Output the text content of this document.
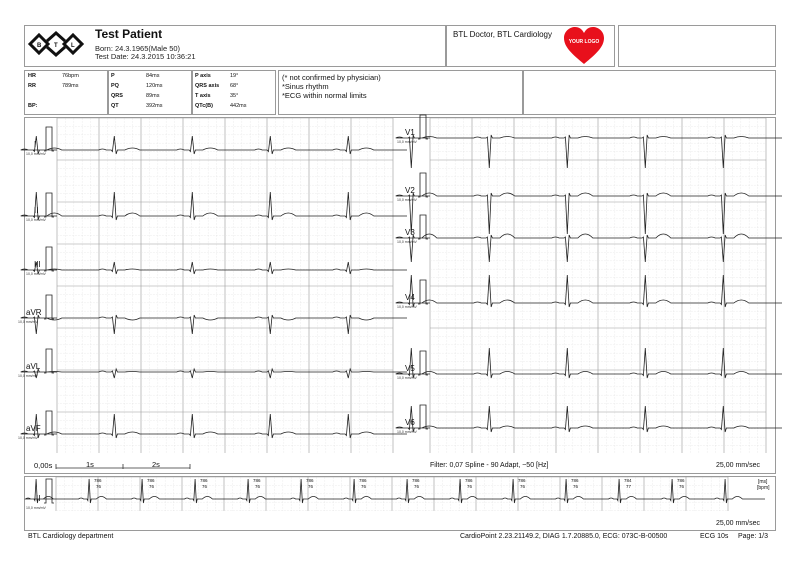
B T L
Test Patient
Born: 24.3.1965(Male 50)
Test Date: 24.3.2015 10:36:21
BTL Doctor, BTL Cardiology
YOUR LOGO
HR	76bpm
RR	789ms
BP:
P	84ms
PQ	120ms
QRS	89ms
QT	392ms
P axis	19°
QRS axis 68°
T axis	35°
QTc(B)	442ms
(* not confirmed by physician)
*Sinus rhythm
*ECG within normal limits
I
10,0 mm/mV
II
10,0 mm/mV
III
10,0 mm/mV
aVR
10,0 mm/mV
aVL
10,0 mm/mV
aVF
10,0 mm/mV
V1
10,0 mm/mV
V2
10,0 mm/mV
V3
10,0 mm/mV
V4
10,0 mm/mV
V5
10,0 mm/mV
V6
10,0 mm/mV
0,00s	1s	2s	Filter: 0,07 Spline - 90 Adapt, ~50 [Hz]	25,00 mm/sec
II
10,0 mm/mV
[ms]
[bpm]
25,00 mm/sec
786
76
786
76
786
76
786
76
786
76
786
76
786
76
786
76
786
76
786
76
784
77
786
76
BTL Cardiology department	CardioPoint 2.23.21149.2, DIAG 1.7.20885.0, ECG: 073C-B-00500	ECG 10s Page: 1/3
